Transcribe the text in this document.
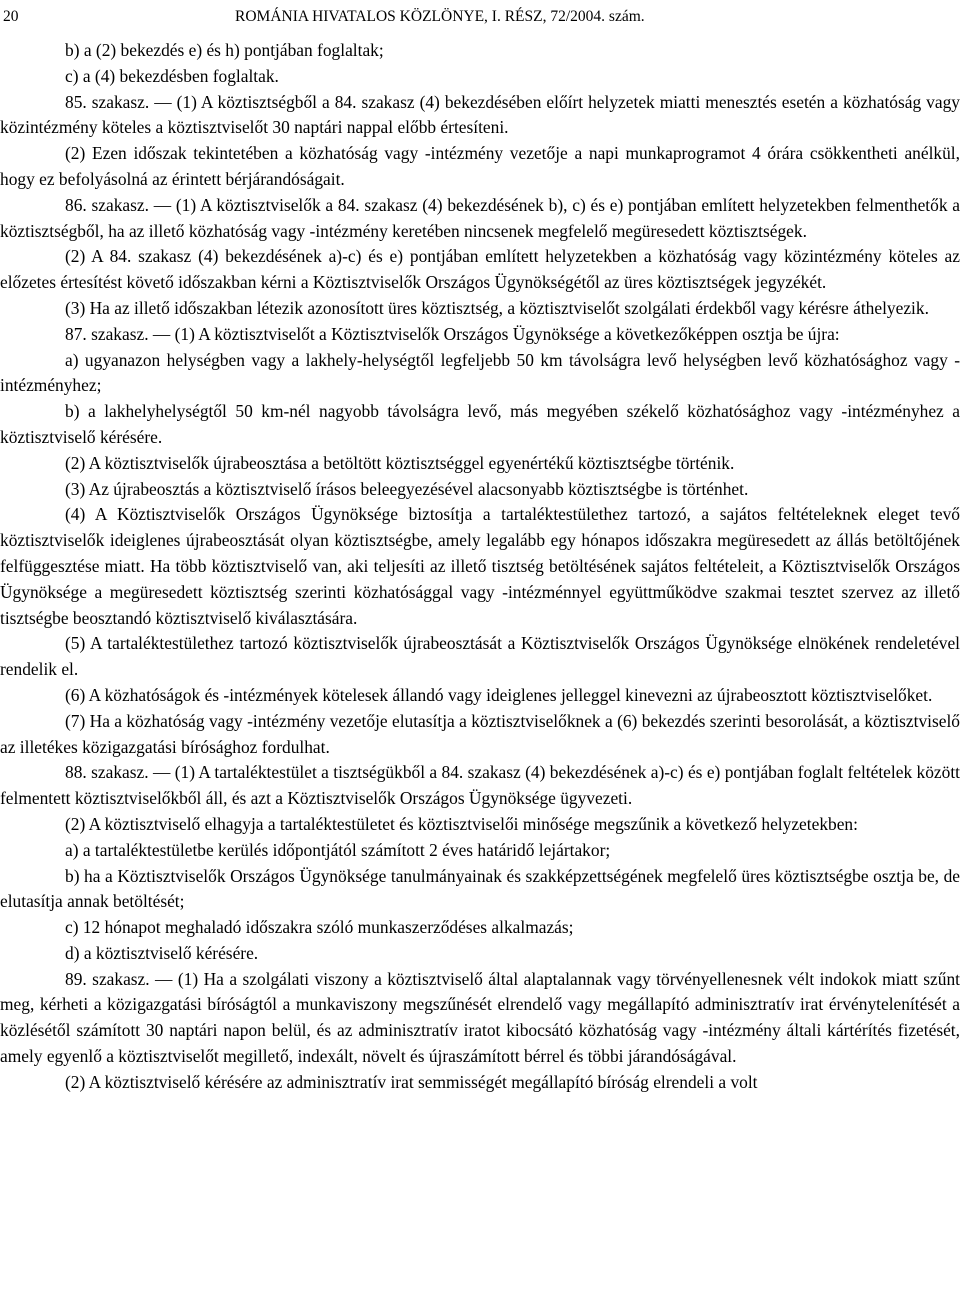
20	ROMÁNIA HIVATALOS KÖZLÖNYE, I. RÉSZ, 72/2004. szám.

b) a (2) bekezdés e) és h) pontjában foglaltak;

c) a (4) bekezdésben foglaltak.

85. szakasz. — (1) A köztisztségből a 84. szakasz (4) bekezdésében előírt helyzetek miatti menesztés esetén a közhatóság vagy közintézmény köteles a köztisztviselőt 30 naptári nappal előbb értesíteni.

(2) Ezen időszak tekintetében a közhatóság vagy -intézmény vezetője a napi munkaprogramot 4 órára csökkentheti anélkül, hogy ez befolyásolná az érintett bérjárandóságait.

86. szakasz. — (1) A köztisztviselők a 84. szakasz (4) bekezdésének b), c) és e) pontjában említett helyzetekben felmenthetők a köztisztségből, ha az illető közhatóság vagy -intézmény keretében nincsenek megfelelő megüresedett köztisztségek.

(2) A 84. szakasz (4) bekezdésének a)-c) és e) pontjában említett helyzetekben a közhatóság vagy közintézmény köteles az előzetes értesítést követő időszakban kérni a Köztisztviselők Országos Ügynökségétől az üres köztisztségek jegyzékét.

(3) Ha az illető időszakban létezik azonosított üres köztisztség, a köztisztviselőt szolgálati érdekből vagy kérésre áthelyezik.

87. szakasz. — (1) A köztisztviselőt a Köztisztviselők Országos Ügynöksége a következőképpen osztja be újra:

a) ugyanazon helységben vagy a lakhely-helységtől legfeljebb 50 km távolságra levő helységben levő közhatósághoz vagy -intézményhez;

b) a lakhelyhelységtől 50 km-nél nagyobb távolságra levő, más megyében székelő közhatósághoz vagy -intézményhez a köztisztviselő kérésére.

(2) A köztisztviselők újrabeosztása a betöltött köztisztséggel egyenértékű köztisztségbe történik.

(3) Az újrabeosztás a köztisztviselő írásos beleegyezésével alacsonyabb köztisztségbe is történhet.

(4) A Köztisztviselők Országos Ügynöksége biztosítja a tartaléktestülethez tartozó, a sajátos feltételeknek eleget tevő köztisztviselők ideiglenes újrabeosztását olyan köztisztségbe, amely legalább egy hónapos időszakra megüresedett az állás betöltőjének felfüggesztése miatt. Ha több köztisztviselő van, aki teljesíti az illető tisztség betöltésének sajátos feltételeit, a Köztisztviselők Országos Ügynöksége a megüresedett köztisztség szerinti közhatósággal vagy -intézménnyel együttműködve szakmai tesztet szervez az illető tisztségbe beosztandó köztisztviselő kiválasztására.

(5) A tartaléktestülethez tartozó köztisztviselők újrabeosztását a Köztisztviselők Országos Ügynöksége elnökének rendeletével rendelik el.

(6) A közhatóságok és -intézmények kötelesek állandó vagy ideiglenes jelleggel kinevezni az újrabeosztott köztisztviselőket.

(7) Ha a közhatóság vagy -intézmény vezetője elutasítja a köztisztviselőknek a (6) bekezdés szerinti besorolását, a köztisztviselő az illetékes közigazgatási bírósághoz fordulhat.

88. szakasz. — (1) A tartaléktestület a tisztségükből a 84. szakasz (4) bekezdésének a)-c) és e) pontjában foglalt feltételek között felmentett köztisztviselőkből áll, és azt a Köztisztviselők Országos Ügynöksége ügyvezeti.

(2) A köztisztviselő elhagyja a tartaléktestületet és köztisztviselői minősége megszűnik a következő helyzetekben:

a) a tartaléktestületbe kerülés időpontjától számított 2 éves határidő lejártakor;

b) ha a Köztisztviselők Országos Ügynöksége tanulmányainak és szakképzettségének megfelelő üres köztisztségbe osztja be, de elutasítja annak betöltését;

c) 12 hónapot meghaladó időszakra szóló munkaszerződéses alkalmazás;

d) a köztisztviselő kérésére.

89. szakasz. — (1) Ha a szolgálati viszony a köztisztviselő által alaptalannak vagy törvényellenesnek vélt indokok miatt szűnt meg, kérheti a közigazgatási bíróságtól a munkaviszony megszűnését elrendelő vagy megállapító adminisztratív irat érvénytelenítését a közlésétől számított 30 naptári napon belül, és az adminisztratív iratot kibocsátó közhatóság vagy -intézmény általi kártérítés fizetését, amely egyenlő a köztisztviselőt megillető, indexált, növelt és újraszámított bérrel és többi járandóságával.

(2) A köztisztviselő kérésére az adminisztratív irat semmisségét megállapító bíróság elrendeli a volt
